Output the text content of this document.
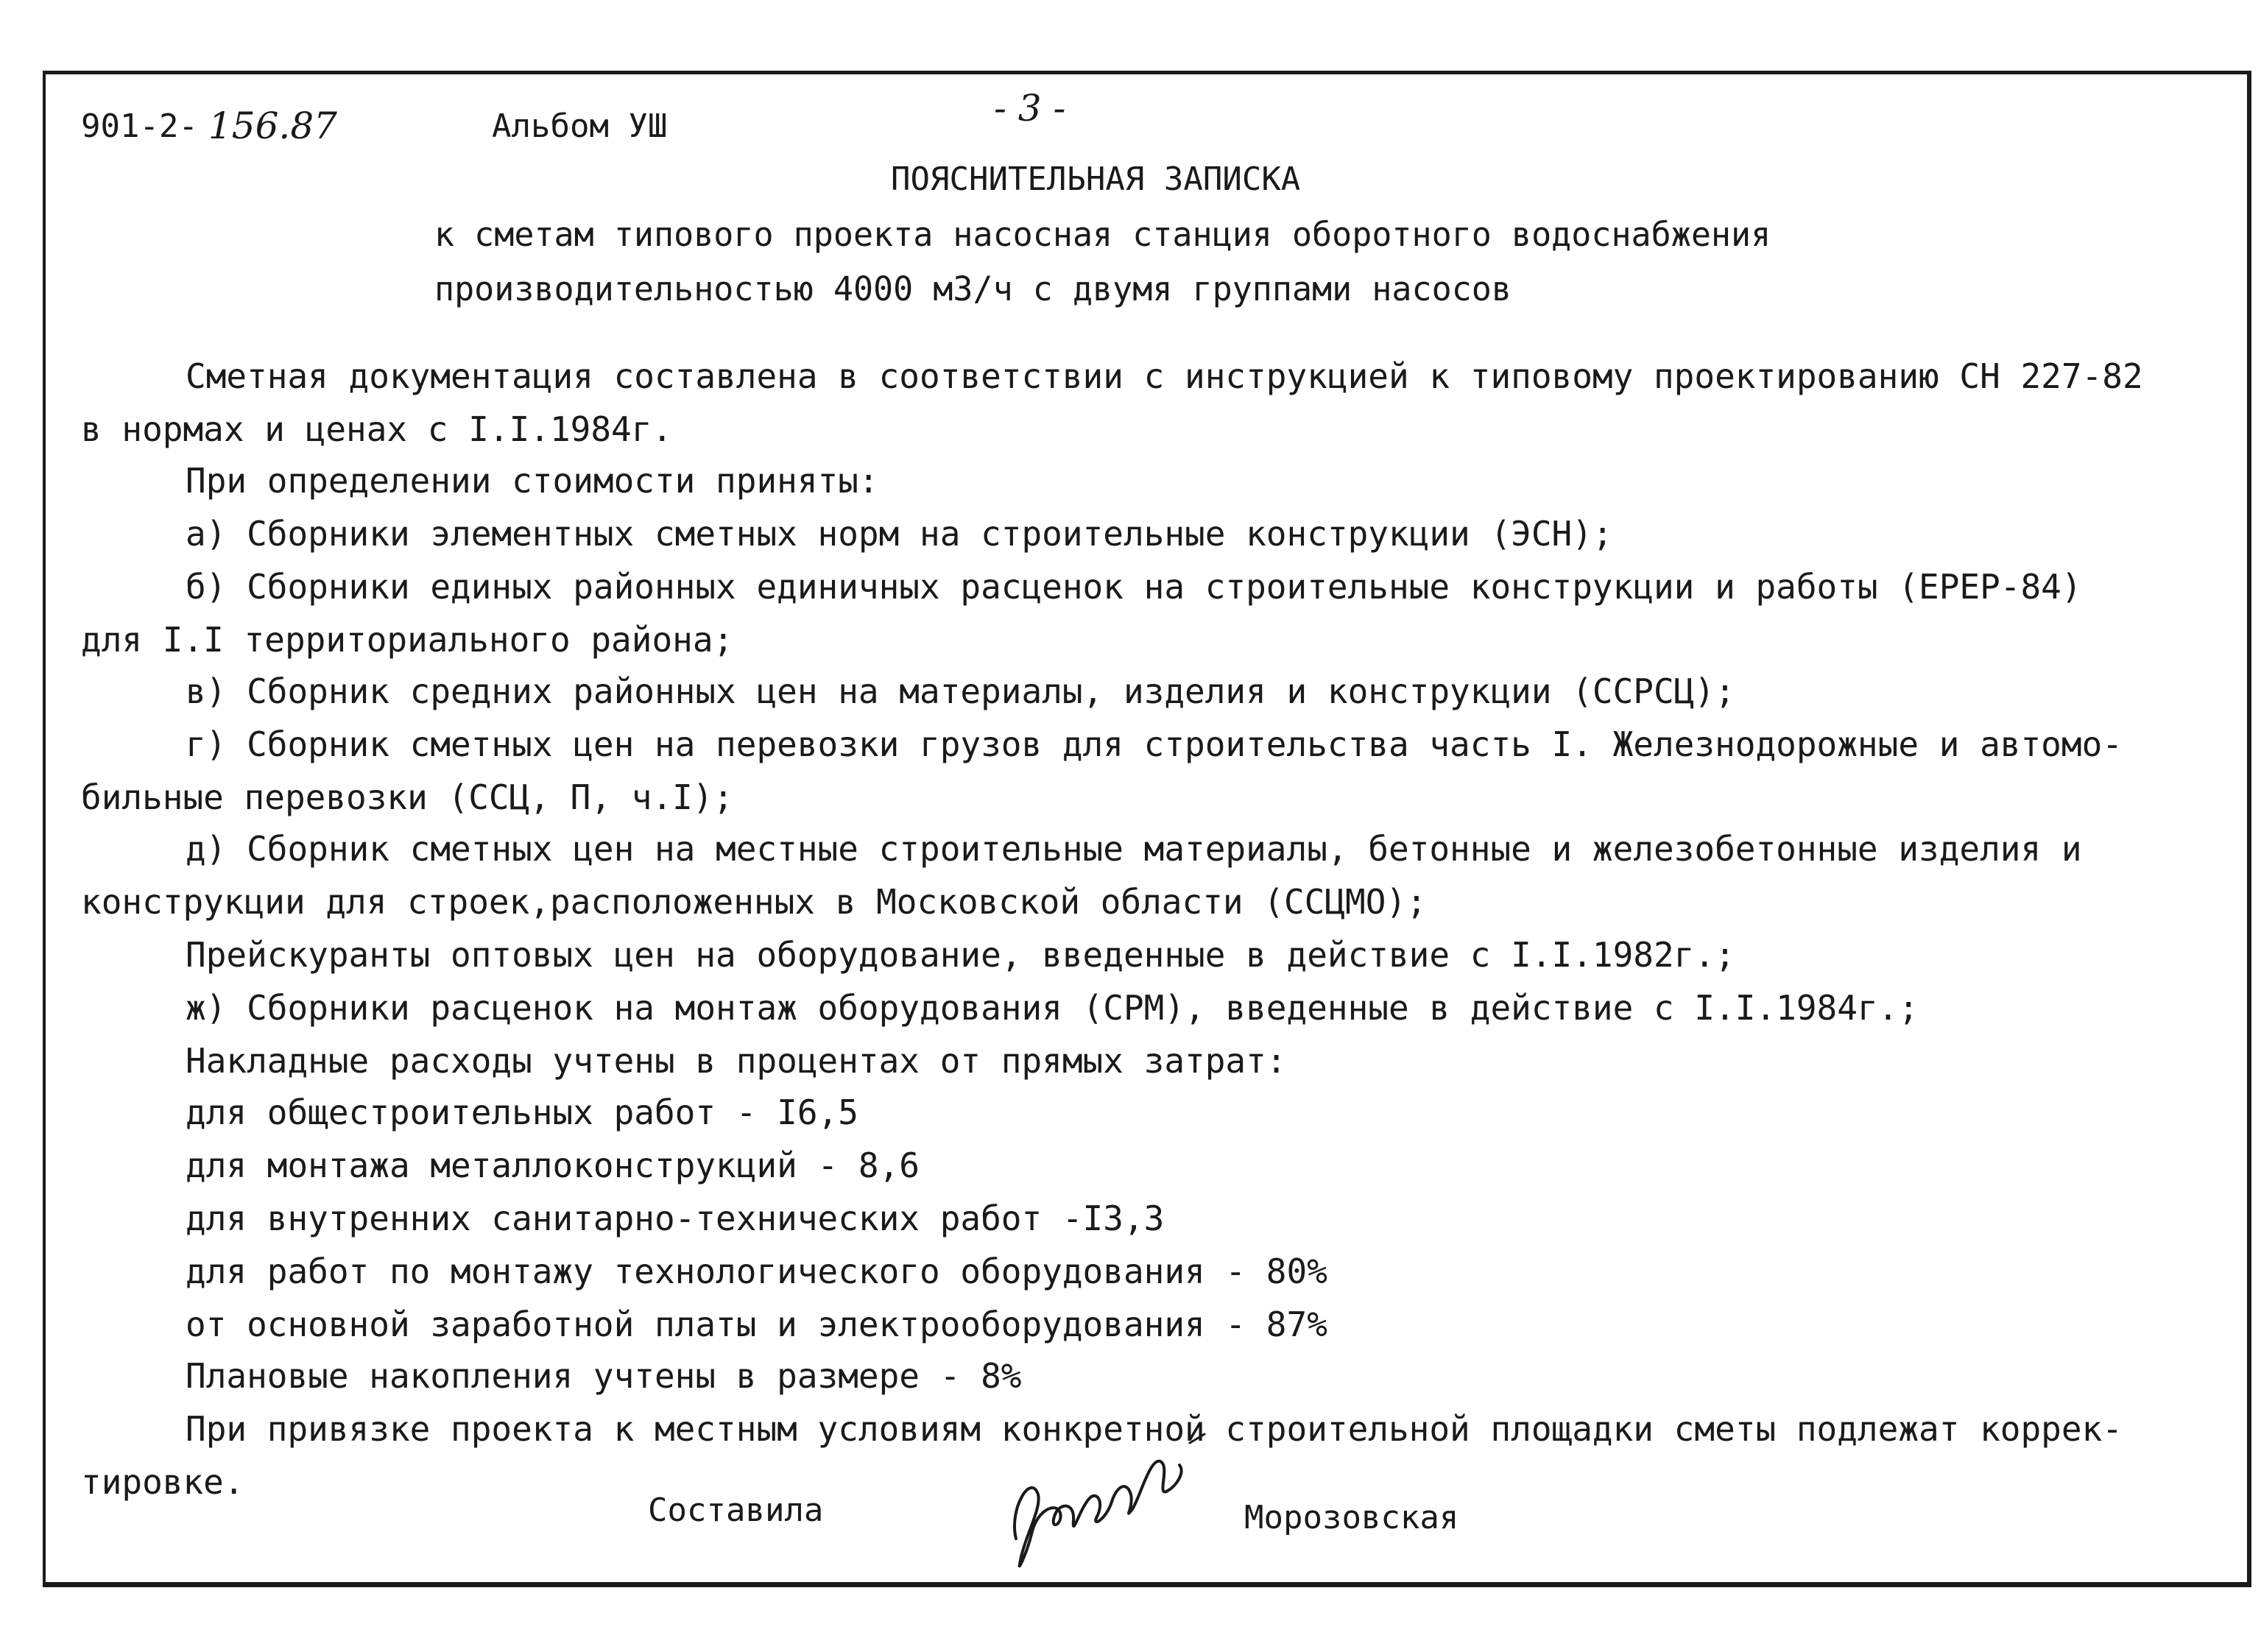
901-2- 156.87	Альбом УШ	- 3 -
ПОЯСНИТЕЛЬНАЯ ЗАПИСКА
к сметам типового проекта насосная станция оборотного водоснабжения
производительностью 4000 м3/ч с двумя группами насосов
Сметная документация составлена в соответствии с инструкцией к типовому проектированию СН 227-82
в нормах и ценах с I.I.1984г.
При определении стоимости приняты:
а) Сборники элементных сметных норм на строительные конструкции (ЭСН);
б) Сборники единых районных единичных расценок на строительные конструкции и работы (ЕРЕР-84)
для I.I территориального района;
в) Сборник средних районных цен на материалы, изделия и конструкции (ССРСЦ);
г) Сборник сметных цен на перевозки грузов для строительства часть I. Железнодорожные и автомо-
бильные перевозки (ССЦ, П, ч.I);
д) Сборник сметных цен на местные строительные материалы, бетонные и железобетонные изделия и
конструкции для строек,расположенных в Московской области (ССЦМО);
Прейскуранты оптовых цен на оборудование, введенные в действие с I.I.1982г.;
ж) Сборники расценок на монтаж оборудования (СРМ), введенные в действие с I.I.1984г.;
Накладные расходы учтены в процентах от прямых затрат:
для общестроительных работ - I6,5
для монтажа металлоконструкций - 8,6
для внутренних санитарно-технических работ -I3,3
для работ по монтажу технологического оборудования - 80%
от основной заработной платы и электрооборудования - 87%
Плановые накопления учтены в размере - 8%
При привязке проекта к местным условиям конкретной строительной площадки сметы подлежат коррек-
тировке.
Составила	Морозовская
